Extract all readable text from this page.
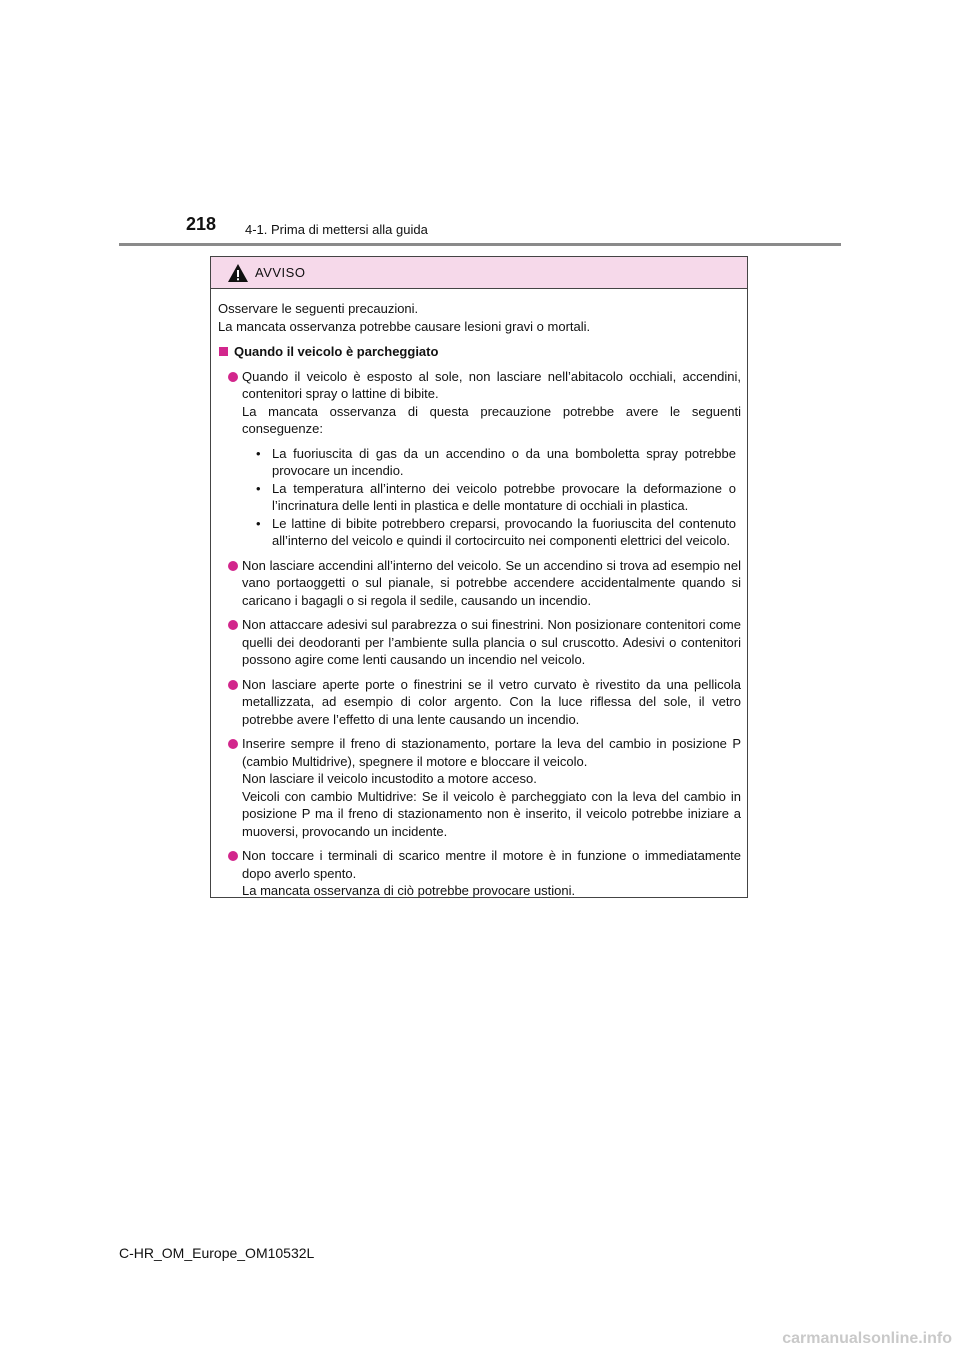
218 4-1. Prima di mettersi alla guida
AVVISO

Osservare le seguenti precauzioni.

La mancata osservanza potrebbe causare lesioni gravi o mortali.

Quando il veicolo è parcheggiato

Quando il veicolo è esposto al sole, non lasciare nell’abitacolo occhiali, accendini, contenitori spray o lattine di bibite.

La mancata osservanza di questa precauzione potrebbe avere le seguenti conseguenze:

• La fuoriuscita di gas da un accendino o da una bomboletta spray potrebbe provocare un incendio.
• La temperatura all’interno dei veicolo potrebbe provocare la deformazione o l’incrinatura delle lenti in plastica e delle montature di occhiali in plastica.
• Le lattine di bibite potrebbero creparsi, provocando la fuoriuscita del contenuto all’interno del veicolo e quindi il cortocircuito nei componenti elettrici del veicolo.

Non lasciare accendini all’interno del veicolo. Se un accendino si trova ad esempio nel vano portaoggetti o sul pianale, si potrebbe accendere accidentalmente quando si caricano i bagagli o si regola il sedile, causando un incendio.

Non attaccare adesivi sul parabrezza o sui finestrini. Non posizionare contenitori come quelli dei deodoranti per l’ambiente sulla plancia o sul cruscotto. Adesivi o contenitori possono agire come lenti causando un incendio nel veicolo.

Non lasciare aperte porte o finestrini se il vetro curvato è rivestito da una pellicola metallizzata, ad esempio di color argento. Con la luce riflessa del sole, il vetro potrebbe avere l’effetto di una lente causando un incendio.

Inserire sempre il freno di stazionamento, portare la leva del cambio in posizione P (cambio Multidrive), spegnere il motore e bloccare il veicolo.

Non lasciare il veicolo incustodito a motore acceso.

Veicoli con cambio Multidrive: Se il veicolo è parcheggiato con la leva del cambio in posizione P ma il freno di stazionamento non è inserito, il veicolo potrebbe iniziare a muoversi, provocando un incidente.

Non toccare i terminali di scarico mentre il motore è in funzione o immediatamente dopo averlo spento.

La mancata osservanza di ciò potrebbe provocare ustioni.

C-HR_OM_Europe_OM10532L
carmanualsonline.info
